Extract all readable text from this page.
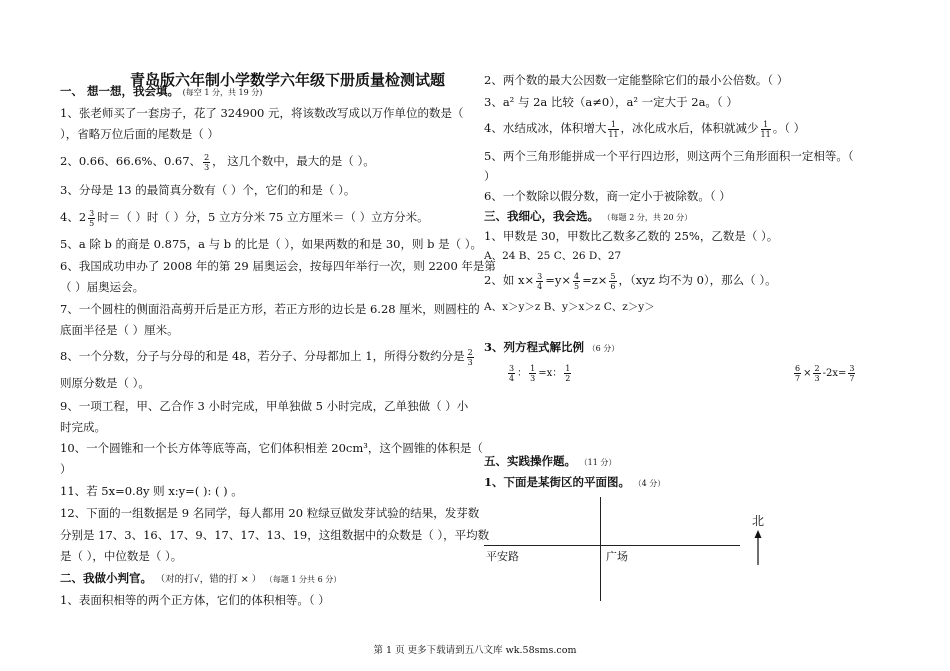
青岛版六年制小学数学六年级下册质量检测试题
一、 想一想，我会填。 (每空 1 分，共 19 分)
1、张老师买了一套房子，花了 324900 元，将该数改写成以万作单位的数是（
），省略万位后面的尾数是（ ）
2、0.66、66.6%、0.67、 $\frac{2}{3}$ ， 这几个数中，最大的是（ ）。
3、分母是 13 的最简真分数有（ ）个，它们的和是（ ）。
4、$2 \frac{3}{5}$ 时＝（ ）时（ ）分，5 立方分米 75 立方厘米＝（ ）立方分米。
5、a 除 b 的商是 0.875，a 与 b 的比是（ ），如果两数的和是 30，则 b 是（ ）。
6、我国成功申办了 2008 年的第 29 届奥运会，按每四年举行一次，则 2200 年是第
（ ）届奥运会。
7、一个圆柱的侧面沿高剪开后是正方形，若正方形的边长是 6.28 厘米，则圆柱的
底面半径是（ ）厘米。
8、一个分数，分子与分母的和是 48，若分子、分母都加上 1，所得分数约分是 $\frac{2}{3}$
则原分数是（ ）。
9、一项工程，甲、乙合作 3 小时完成，甲单独做 5 小时完成，乙单独做（ ）小
时完成。
10、一个圆锥和一个长方体等底等高，它们体积相差 20cm³，这个圆锥的体积是（
）
11、若 5x=0.8y 则 x:y=( ): ( ) 。
12、下面的一组数据是 9 名同学，每人都用 20 粒绿豆做发芽试验的结果，发芽数
分别是 17、3、16、17、9、17、17、13、19，这组数据中的众数是（ ），平均数
是（ ），中位数是（ ）。
二、我做小判官。 （对的打√，错的打 × ） （每题 1 分共 6 分）
1、表面积相等的两个正方体，它们的体积相等。（ ）
2、两个数的最大公因数一定能整除它们的最小公倍数。（ ）
3、a² 与 2a 比较（a≠0），a² 一定大于 2a。（ ）
4、水结成冰，体积增大 $\frac{1}{11}$ ，冰化成水后，体积就减少 $\frac{1}{11}$ 。（ ）
5、两个三角形能拼成一个平行四边形，则这两个三角形面积一定相等。（
）
6、一个数除以假分数，商一定小于被除数。（ ）
三、我细心，我会选。 （每题 2 分，共 20 分）
1、甲数是 30，甲数比乙数多乙数的 25%，乙数是（ ）。
A、24 B、25 C、26 D、27
2、如 $x\times \frac{3}{4} =y\times \frac{4}{5} =z\times \frac{5}{6}$ ，（xyz 均不为 0），那么（ ）。
A、x＞y＞z B、y＞x＞z C、z＞y＞
3、列方程式解比例 （6 分）
$\frac{3}{4}$ ： $\frac{1}{3} =x$： $\frac{1}{2}$	$\frac{6}{7} \times \frac{2}{3} -2x= \frac{3}{7}$
五、实践操作题。 （11 分）
1、下面是某街区的平面图。 （4 分）
平安路	广场
北
第 1 页 更多下载请到五八文库 wk.58sms.com
